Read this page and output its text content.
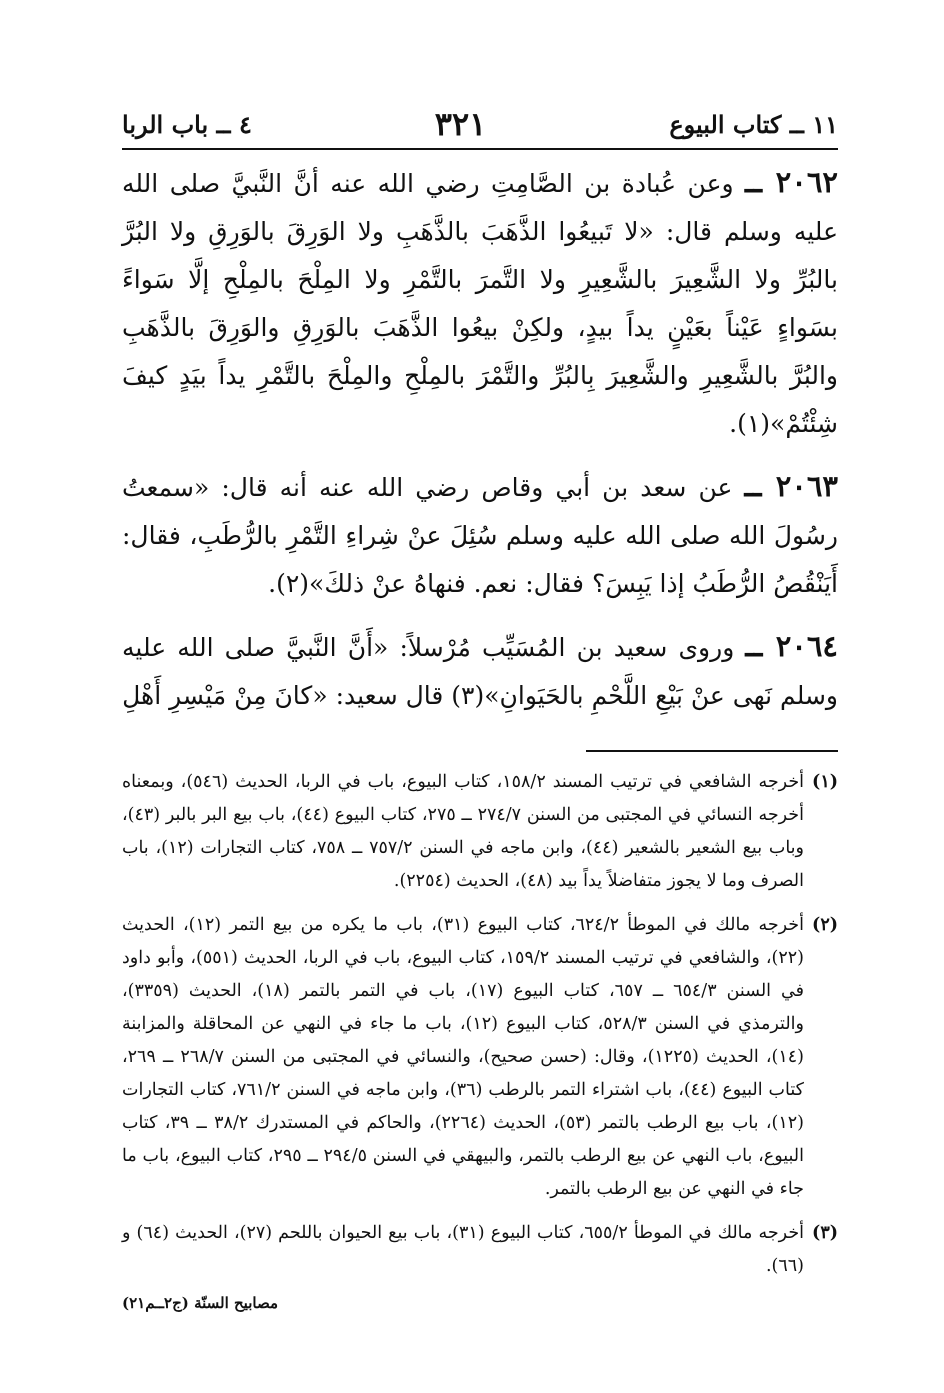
١١ ــ كتاب البيوع
٣٢١
٤ ــ باب الربا

٢٠٦٢ ــ وعن عُبادة بن الصَّامِتِ رضي الله عنه أنَّ النَّبيَّ صلى الله عليه وسلم قال: «لا تَبيعُوا الذَّهَبَ بالذَّهَبِ ولا الوَرِقَ بالوَرِقِ ولا البُرَّ بالبُرِّ ولا الشَّعِيرَ بالشَّعِيرِ ولا التَّمرَ بالتَّمْرِ ولا المِلْحَ بالمِلْحِ إلَّا سَواءً بسَواءٍ عَيْناً بعَيْنٍ يداً بيدٍ، ولكِنْ بيعُوا الذَّهَبَ بالوَرِقِ والوَرِقَ بالذَّهَبِ والبُرَّ بالشَّعِيرِ والشَّعِيرَ بِالبُرِّ والتَّمْرَ بالمِلْحِ والمِلْحَ بالتَّمْرِ يداً بيَدٍ كيفَ شِئْتُمْ»(١).

٢٠٦٣ ــ عن سعد بن أبي وقاص رضي الله عنه أنه قال: «سمعتُ رسُولَ الله صلى الله عليه وسلم سُئِلَ عنْ شِراءِ التَّمْرِ بالرُّطَبِ، فقال: أَيَنْقُصُ الرُّطَبُ إذا يَبِسَ؟ فقال: نعم. فنهاهُ عنْ ذلكَ»(٢).

٢٠٦٤ ــ وروى سعيد بن المُسَيِّب مُرْسلاً: «أَنَّ النَّبيَّ صلى الله عليه وسلم نَهى عنْ بَيْعِ اللَّحْمِ بالحَيَوانِ»(٣) قال سعيد: «كانَ مِنْ مَيْسِرِ أَهْلِ

(١)
أخرجه الشافعي في ترتيب المسند ١٥٨/٢، كتاب البيوع، باب في الربا، الحديث (٥٤٦)، وبمعناه أخرجه النسائي في المجتبى من السنن ٢٧٤/٧ ــ ٢٧٥، كتاب البيوع (٤٤)، باب بيع البر بالبر (٤٣)، وباب بيع الشعير بالشعير (٤٤)، وابن ماجه في السنن ٧٥٧/٢ ــ ٧٥٨، كتاب التجارات (١٢)، باب الصرف وما لا يجوز متفاضلاً يداً بيد (٤٨)، الحديث (٢٢٥٤).
(٢)
أخرجه مالك في الموطأ ٦٢٤/٢، كتاب البيوع (٣١)، باب ما يكره من بيع التمر (١٢)، الحديث (٢٢)، والشافعي في ترتيب المسند ١٥٩/٢، كتاب البيوع، باب في الربا، الحديث (٥٥١)، وأبو داود في السنن ٦٥٤/٣ ــ ٦٥٧، كتاب البيوع (١٧)، باب في التمر بالتمر (١٨)، الحديث (٣٣٥٩)، والترمذي في السنن ٥٢٨/٣، كتاب البيوع (١٢)، باب ما جاء في النهي عن المحاقلة والمزابنة (١٤)، الحديث (١٢٢٥)، وقال: (حسن صحيح)، والنسائي في المجتبى من السنن ٢٦٨/٧ ــ ٢٦٩، كتاب البيوع (٤٤)، باب اشتراء التمر بالرطب (٣٦)، وابن ماجه في السنن ٧٦١/٢، كتاب التجارات (١٢)، باب بيع الرطب بالتمر (٥٣)، الحديث (٢٢٦٤)، والحاكم في المستدرك ٣٨/٢ ــ ٣٩، كتاب البيوع، باب النهي عن بيع الرطب بالتمر، والبيهقي في السنن ٢٩٤/٥ ــ ٢٩٥، كتاب البيوع، باب ما جاء في النهي عن بيع الرطب بالتمر.
(٣)
أخرجه مالك في الموطأ ٦٥٥/٢، كتاب البيوع (٣١)، باب بيع الحيوان باللحم (٢٧)، الحديث (٦٤) و (٦٦).
مصابيح السنّة (ج٢ــم٢١)
